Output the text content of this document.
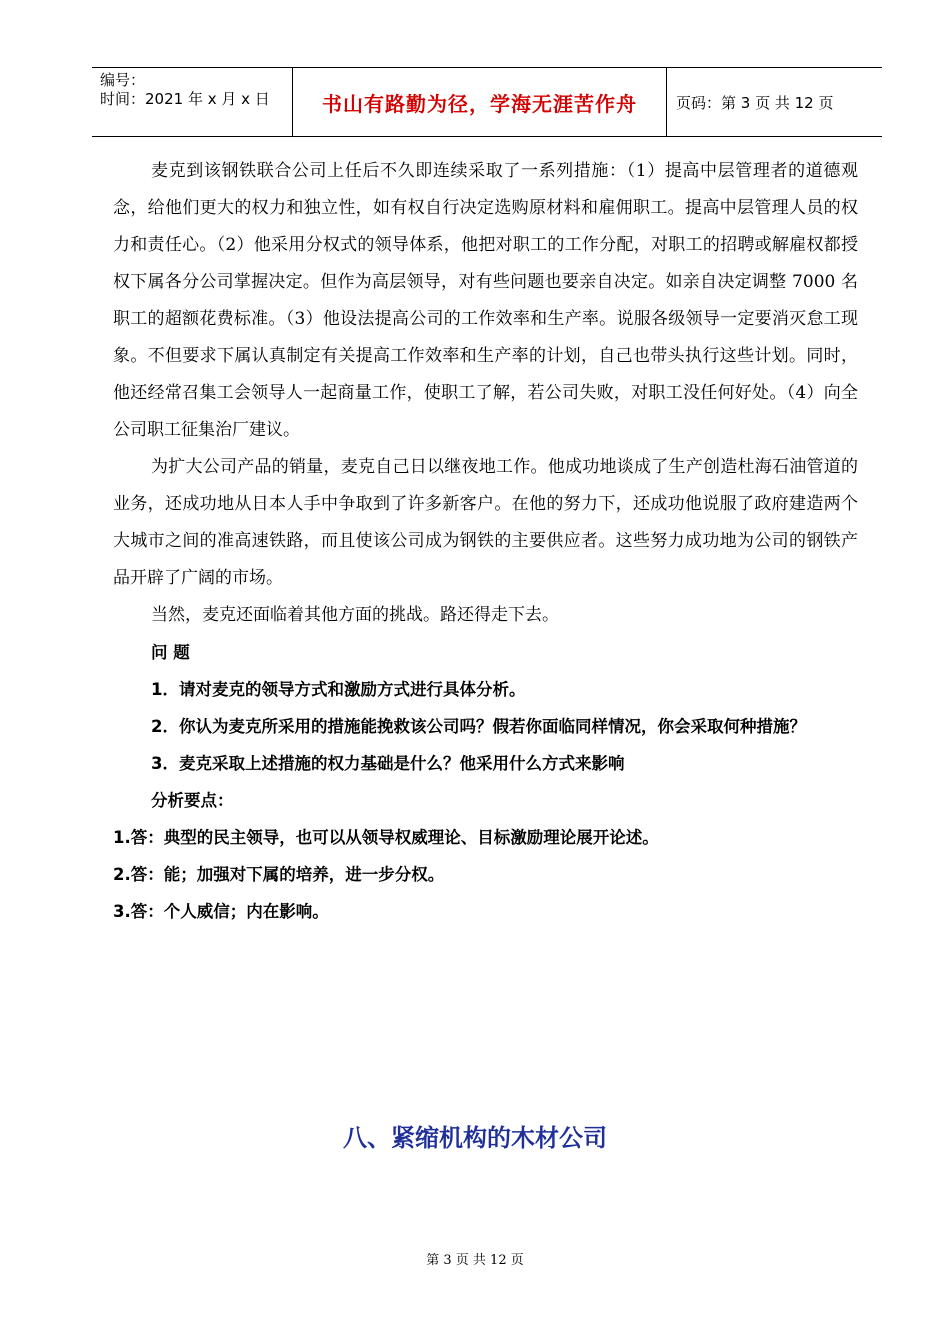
编号：
时间：2021 年 x 月 x 日	书山有路勤为径，学海无涯苦作舟	页码：第 3 页 共 12 页

麦克到该钢铁联合公司上任后不久即连续采取了一系列措施：（1）提高中层管理者的道德观念，给他们更大的权力和独立性，如有权自行决定选购原材料和雇佣职工。提高中层管理人员的权力和责任心。（2）他采用分权式的领导体系，他把对职工的工作分配，对职工的招聘或解雇权都授权下属各分公司掌握决定。但作为高层领导，对有些问题也要亲自决定。如亲自决定调整 7000 名职工的超额花费标准。（3）他设法提高公司的工作效率和生产率。说服各级领导一定要消灭怠工现象。不但要求下属认真制定有关提高工作效率和生产率的计划，自己也带头执行这些计划。同时，他还经常召集工会领导人一起商量工作，使职工了解，若公司失败，对职工没任何好处。（4）向全公司职工征集治厂建议。

为扩大公司产品的销量，麦克自己日以继夜地工作。他成功地谈成了生产创造杜海石油管道的业务，还成功地从日本人手中争取到了许多新客户。在他的努力下，还成功他说服了政府建造两个大城市之间的准高速铁路，而且使该公司成为钢铁的主要供应者。这些努力成功地为公司的钢铁产品开辟了广阔的市场。

当然，麦克还面临着其他方面的挑战。路还得走下去。

问 题

1．请对麦克的领导方式和激励方式进行具体分析。

2．你认为麦克所采用的措施能挽救该公司吗？假若你面临同样情况，你会采取何种措施？

3．麦克采取上述措施的权力基础是什么？他采用什么方式来影响

分析要点：

1.答：典型的民主领导，也可以从领导权威理论、目标激励理论展开论述。

2.答：能；加强对下属的培养，进一步分权。

3.答：个人威信；内在影响。

八、紧缩机构的木材公司
第 3 页 共 12 页
